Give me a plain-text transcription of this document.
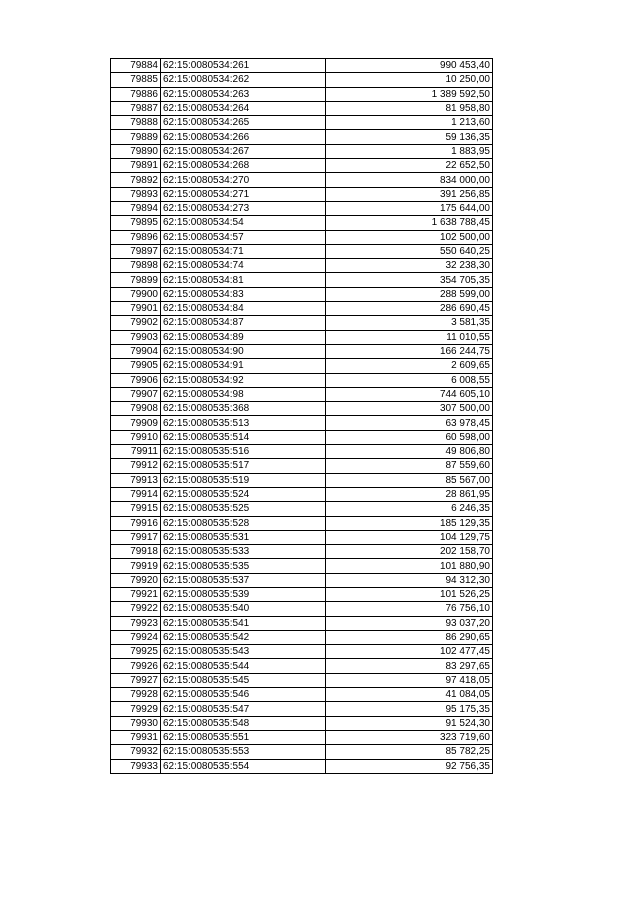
79884	62:15:0080534:261	990 453,40
79885	62:15:0080534:262	10 250,00
79886	62:15:0080534:263	1 389 592,50
79887	62:15:0080534:264	81 958,80
79888	62:15:0080534:265	1 213,60
79889	62:15:0080534:266	59 136,35
79890	62:15:0080534:267	1 883,95
79891	62:15:0080534:268	22 652,50
79892	62:15:0080534:270	834 000,00
79893	62:15:0080534:271	391 256,85
79894	62:15:0080534:273	175 644,00
79895	62:15:0080534:54	1 638 788,45
79896	62:15:0080534:57	102 500,00
79897	62:15:0080534:71	550 640,25
79898	62:15:0080534:74	32 238,30
79899	62:15:0080534:81	354 705,35
79900	62:15:0080534:83	288 599,00
79901	62:15:0080534:84	286 690,45
79902	62:15:0080534:87	3 581,35
79903	62:15:0080534:89	11 010,55
79904	62:15:0080534:90	166 244,75
79905	62:15:0080534:91	2 609,65
79906	62:15:0080534:92	6 008,55
79907	62:15:0080534:98	744 605,10
79908	62:15:0080535:368	307 500,00
79909	62:15:0080535:513	63 978,45
79910	62:15:0080535:514	60 598,00
79911	62:15:0080535:516	49 806,80
79912	62:15:0080535:517	87 559,60
79913	62:15:0080535:519	85 567,00
79914	62:15:0080535:524	28 861,95
79915	62:15:0080535:525	6 246,35
79916	62:15:0080535:528	185 129,35
79917	62:15:0080535:531	104 129,75
79918	62:15:0080535:533	202 158,70
79919	62:15:0080535:535	101 880,90
79920	62:15:0080535:537	94 312,30
79921	62:15:0080535:539	101 526,25
79922	62:15:0080535:540	76 756,10
79923	62:15:0080535:541	93 037,20
79924	62:15:0080535:542	86 290,65
79925	62:15:0080535:543	102 477,45
79926	62:15:0080535:544	83 297,65
79927	62:15:0080535:545	97 418,05
79928	62:15:0080535:546	41 084,05
79929	62:15:0080535:547	95 175,35
79930	62:15:0080535:548	91 524,30
79931	62:15:0080535:551	323 719,60
79932	62:15:0080535:553	85 782,25
79933	62:15:0080535:554	92 756,35
